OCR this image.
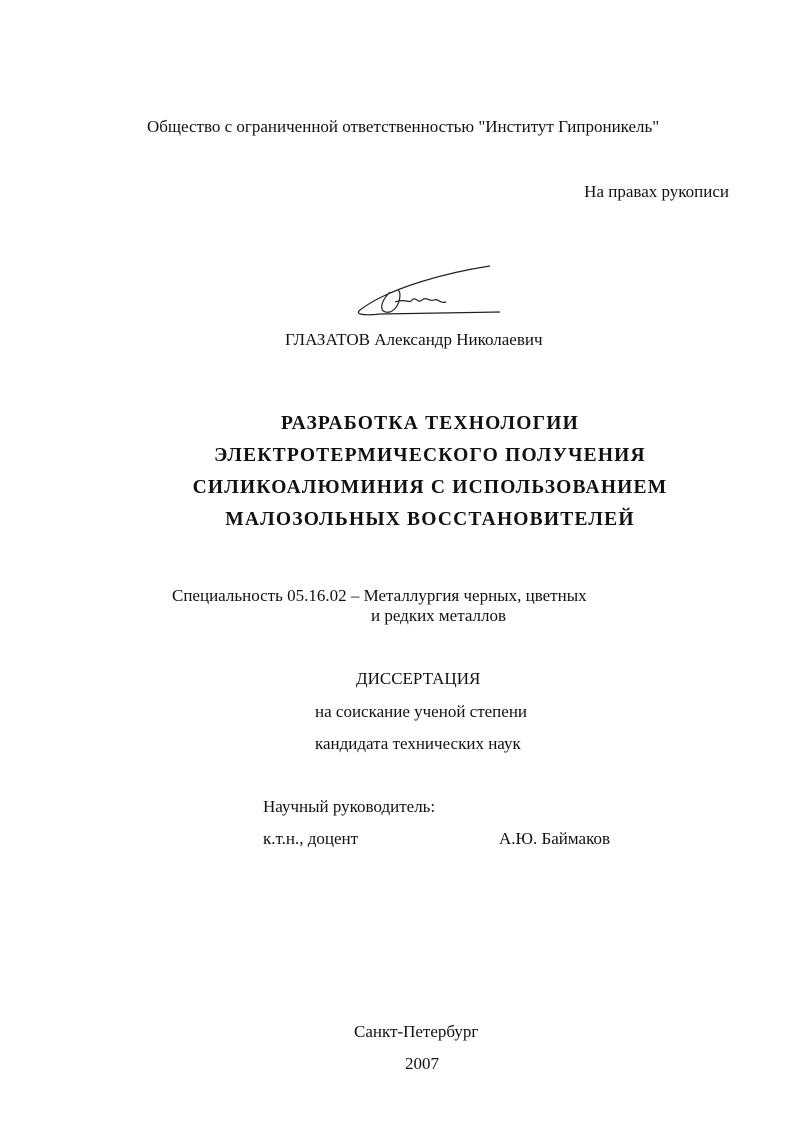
Общество с ограниченной ответственностью "Институт Гипроникель"
На правах рукописи
ГЛАЗАТОВ Александр Николаевич
РАЗРАБОТКА ТЕХНОЛОГИИ
ЭЛЕКТРОТЕРМИЧЕСКОГО ПОЛУЧЕНИЯ
СИЛИКОАЛЮМИНИЯ С ИСПОЛЬЗОВАНИЕМ
МАЛОЗОЛЬНЫХ ВОССТАНОВИТЕЛЕЙ
Специальность 05.16.02 – Металлургия черных, цветных
и редких металлов
ДИССЕРТАЦИЯ
на соискание ученой степени
кандидата технических наук
Научный руководитель:
к.т.н., доцент	А.Ю. Баймаков
Санкт-Петербург
2007
